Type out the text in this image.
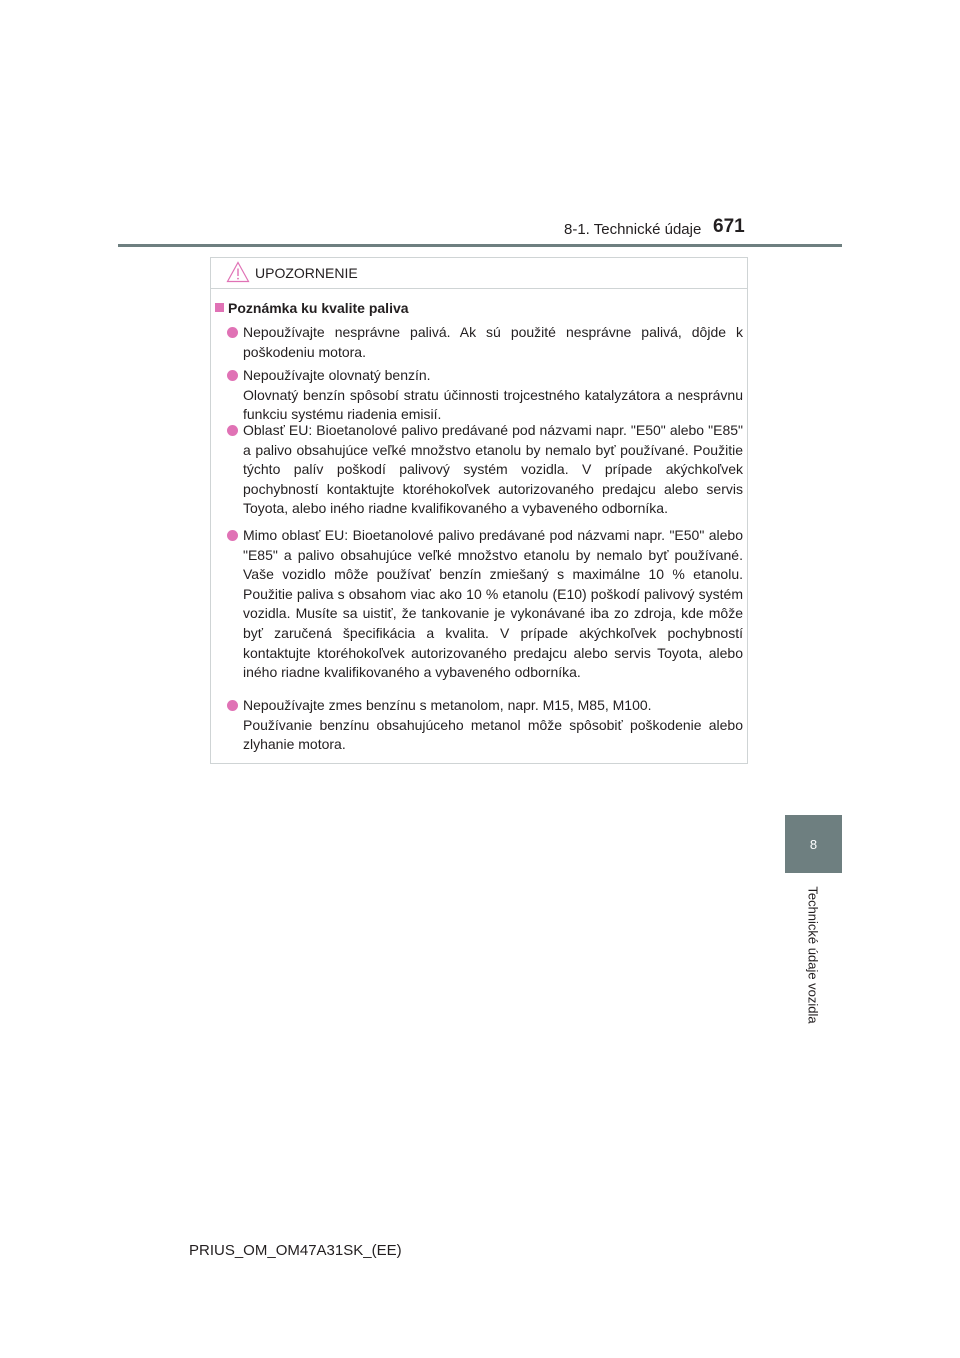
8-1. Technické údaje 671
8
Technické údaje vozidla
UPOZORNENIE
Poznámka ku kvalite paliva

Nepoužívajte nesprávne palivá. Ak sú použité nesprávne palivá, dôjde k poškodeniu motora.

Nepoužívajte olovnatý benzín.

Olovnatý benzín spôsobí stratu účinnosti trojcestného katalyzátora a nesprávnu funkciu systému riadenia emisií.

Oblasť EU: Bioetanolové palivo predávané pod názvami napr. "E50" alebo "E85" a palivo obsahujúce veľké množstvo etanolu by nemalo byť používané. Použitie týchto palív poškodí palivový systém vozidla. V prípade akýchkoľvek pochybností kontaktujte ktoréhokoľvek autorizovaného predajcu alebo servis Toyota, alebo iného riadne kvalifikovaného a vybaveného odborníka.

Mimo oblasť EU: Bioetanolové palivo predávané pod názvami napr. "E50" alebo "E85" a palivo obsahujúce veľké množstvo etanolu by nemalo byť používané. Vaše vozidlo môže používať benzín zmiešaný s maximálne 10 % etanolu. Použitie paliva s obsahom viac ako 10 % etanolu (E10) poškodí palivový systém vozidla. Musíte sa uistiť, že tankovanie je vykonávané iba zo zdroja, kde môže byť zaručená špecifikácia a kvalita. V prípade akýchkoľvek pochybností kontaktujte ktoréhokoľvek autorizovaného predajcu alebo servis Toyota, alebo iného riadne kvalifikovaného a vybaveného odborníka.

Nepoužívajte zmes benzínu s metanolom, napr. M15, M85, M100.

Používanie benzínu obsahujúceho metanol môže spôsobiť poškodenie alebo zlyhanie motora.

PRIUS_OM_OM47A31SK_(EE)
